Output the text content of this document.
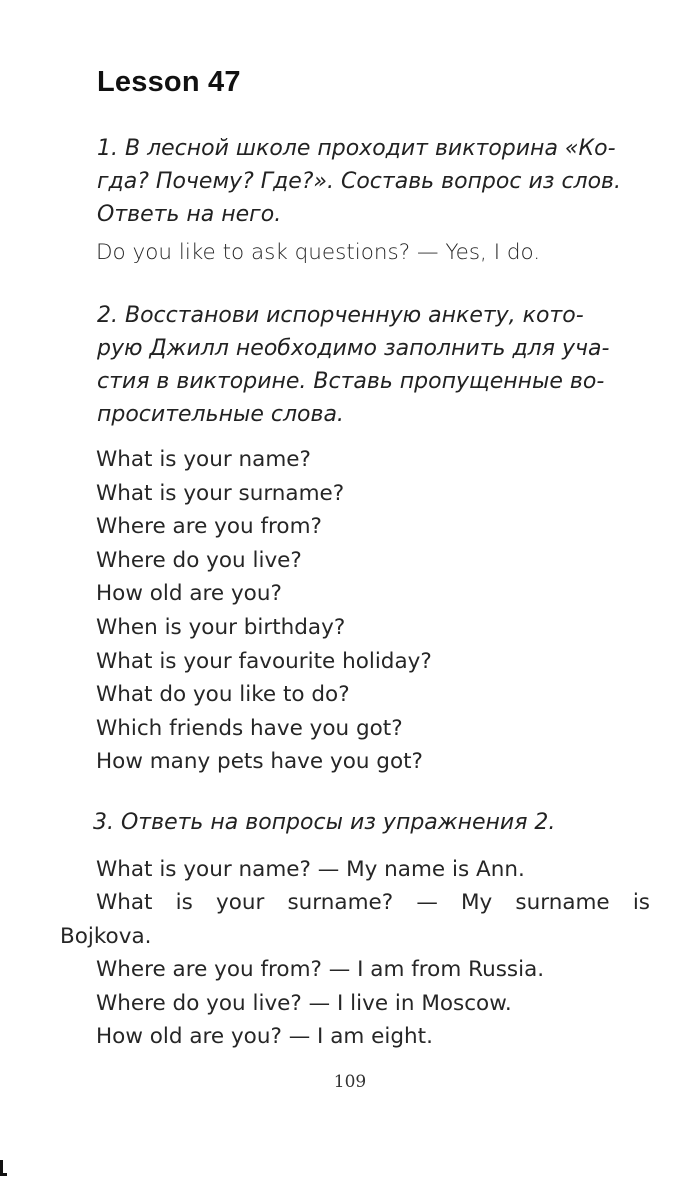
Lesson 47

1. В лесной школе проходит викторина «Ко-
гда? Почему? Где?». Составь вопрос из слов.
Ответь на него.

Do you like to ask questions? — Yes, I do.

2. Восстанови испорченную анкету, кото-
рую Джилл необходимо заполнить для уча-
стия в викторине. Вставь пропущенные во-
просительные слова.

What is your name?
What is your surname?
Where are you from?
Where do you live?
How old are you?
When is your birthday?
What is your favourite holiday?
What do you like to do?
Which friends have you got?
How many pets have you got?

3. Ответь на вопросы из упражнения 2.

What is your name? — My name is Ann.
What is your surname? — My surname is
Bojkova.
Where are you from? — I am from Russia.
Where do you live? — I live in Moscow.
How old are you? — I am eight.
109
